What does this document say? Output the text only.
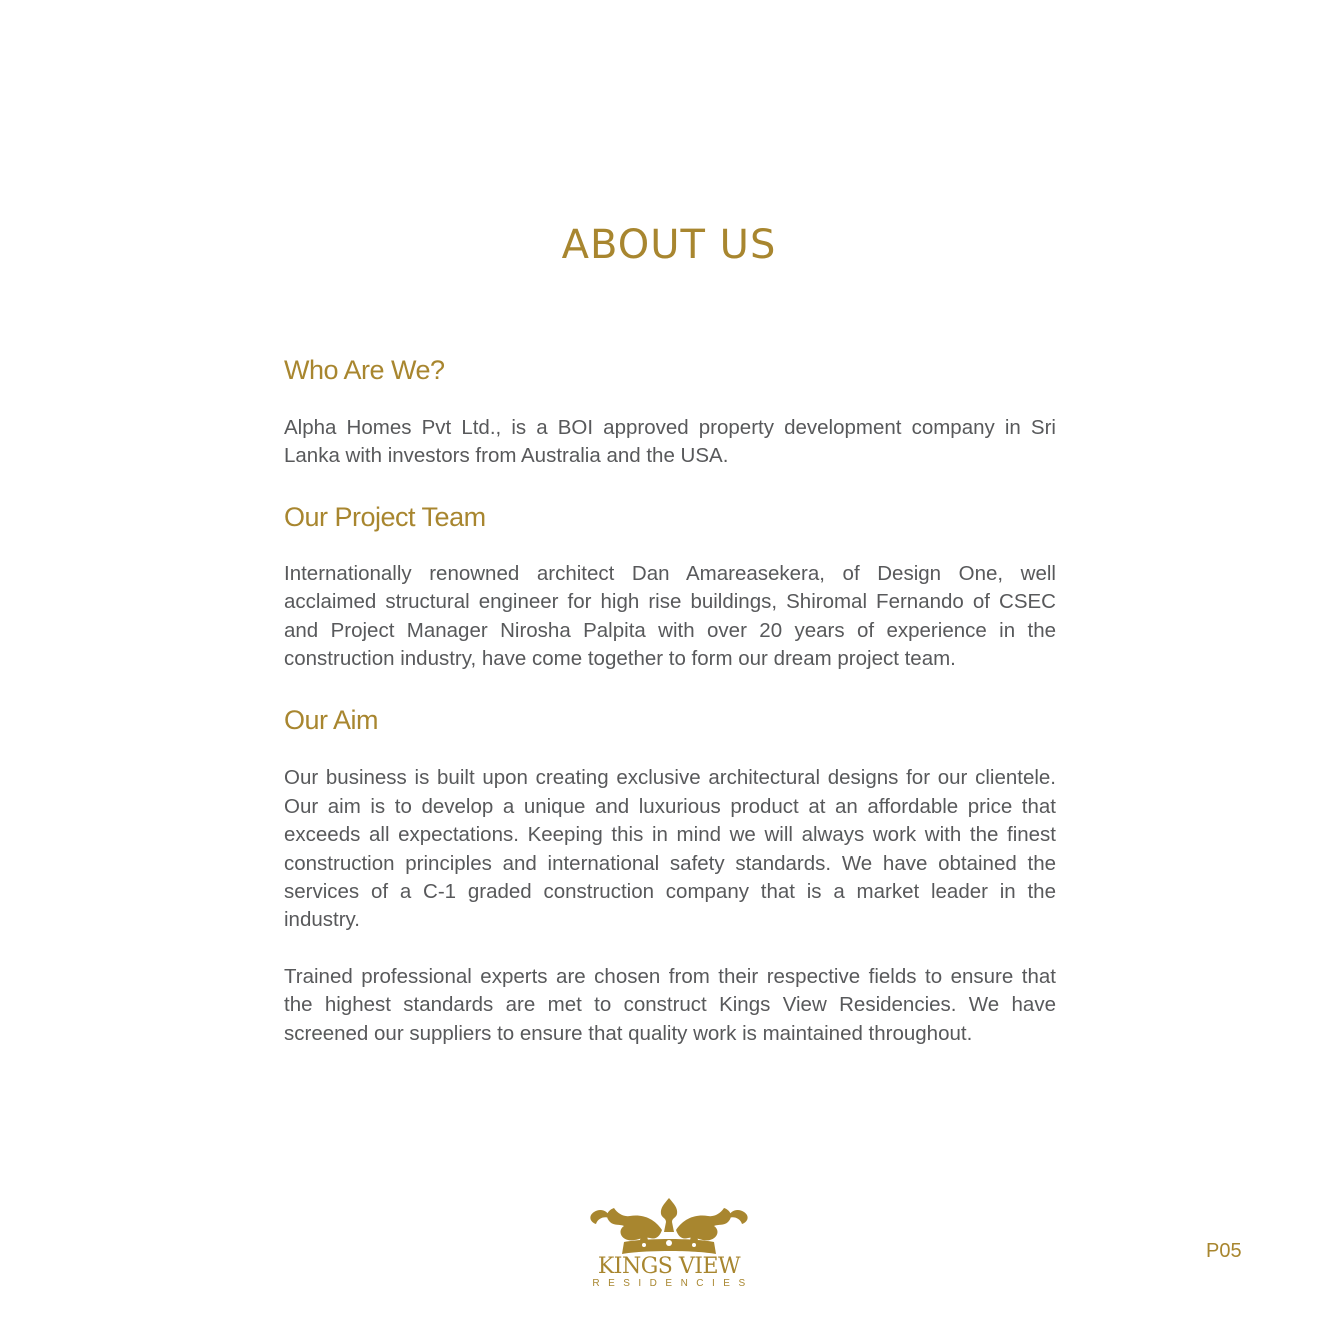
ABOUT US
Who Are We?

Alpha Homes Pvt Ltd., is a BOI approved property development company in Sri Lanka with investors from Australia and the USA.

Our Project Team

Internationally renowned architect Dan Amareasekera, of Design One, well acclaimed structural engineer for high rise buildings, Shiromal Fernando of CSEC and Project Manager Nirosha Palpita with over 20 years of experience in the construction industry, have come together to form our dream project team.

Our Aim

Our business is built upon creating exclusive architectural designs for our clientele. Our aim is to develop a unique and luxurious product at an affordable price that exceeds all expectations. Keeping this in mind we will always work with the finest construction principles and international safety standards. We have obtained the services of a C-1 graded construction company that is a market leader in the industry.

Trained professional experts are chosen from their respective fields to ensure that the highest standards are met to construct Kings View Residencies. We have screened our suppliers to ensure that quality work is maintained throughout.

KINGS VIEW
RESIDENCIES
P05
